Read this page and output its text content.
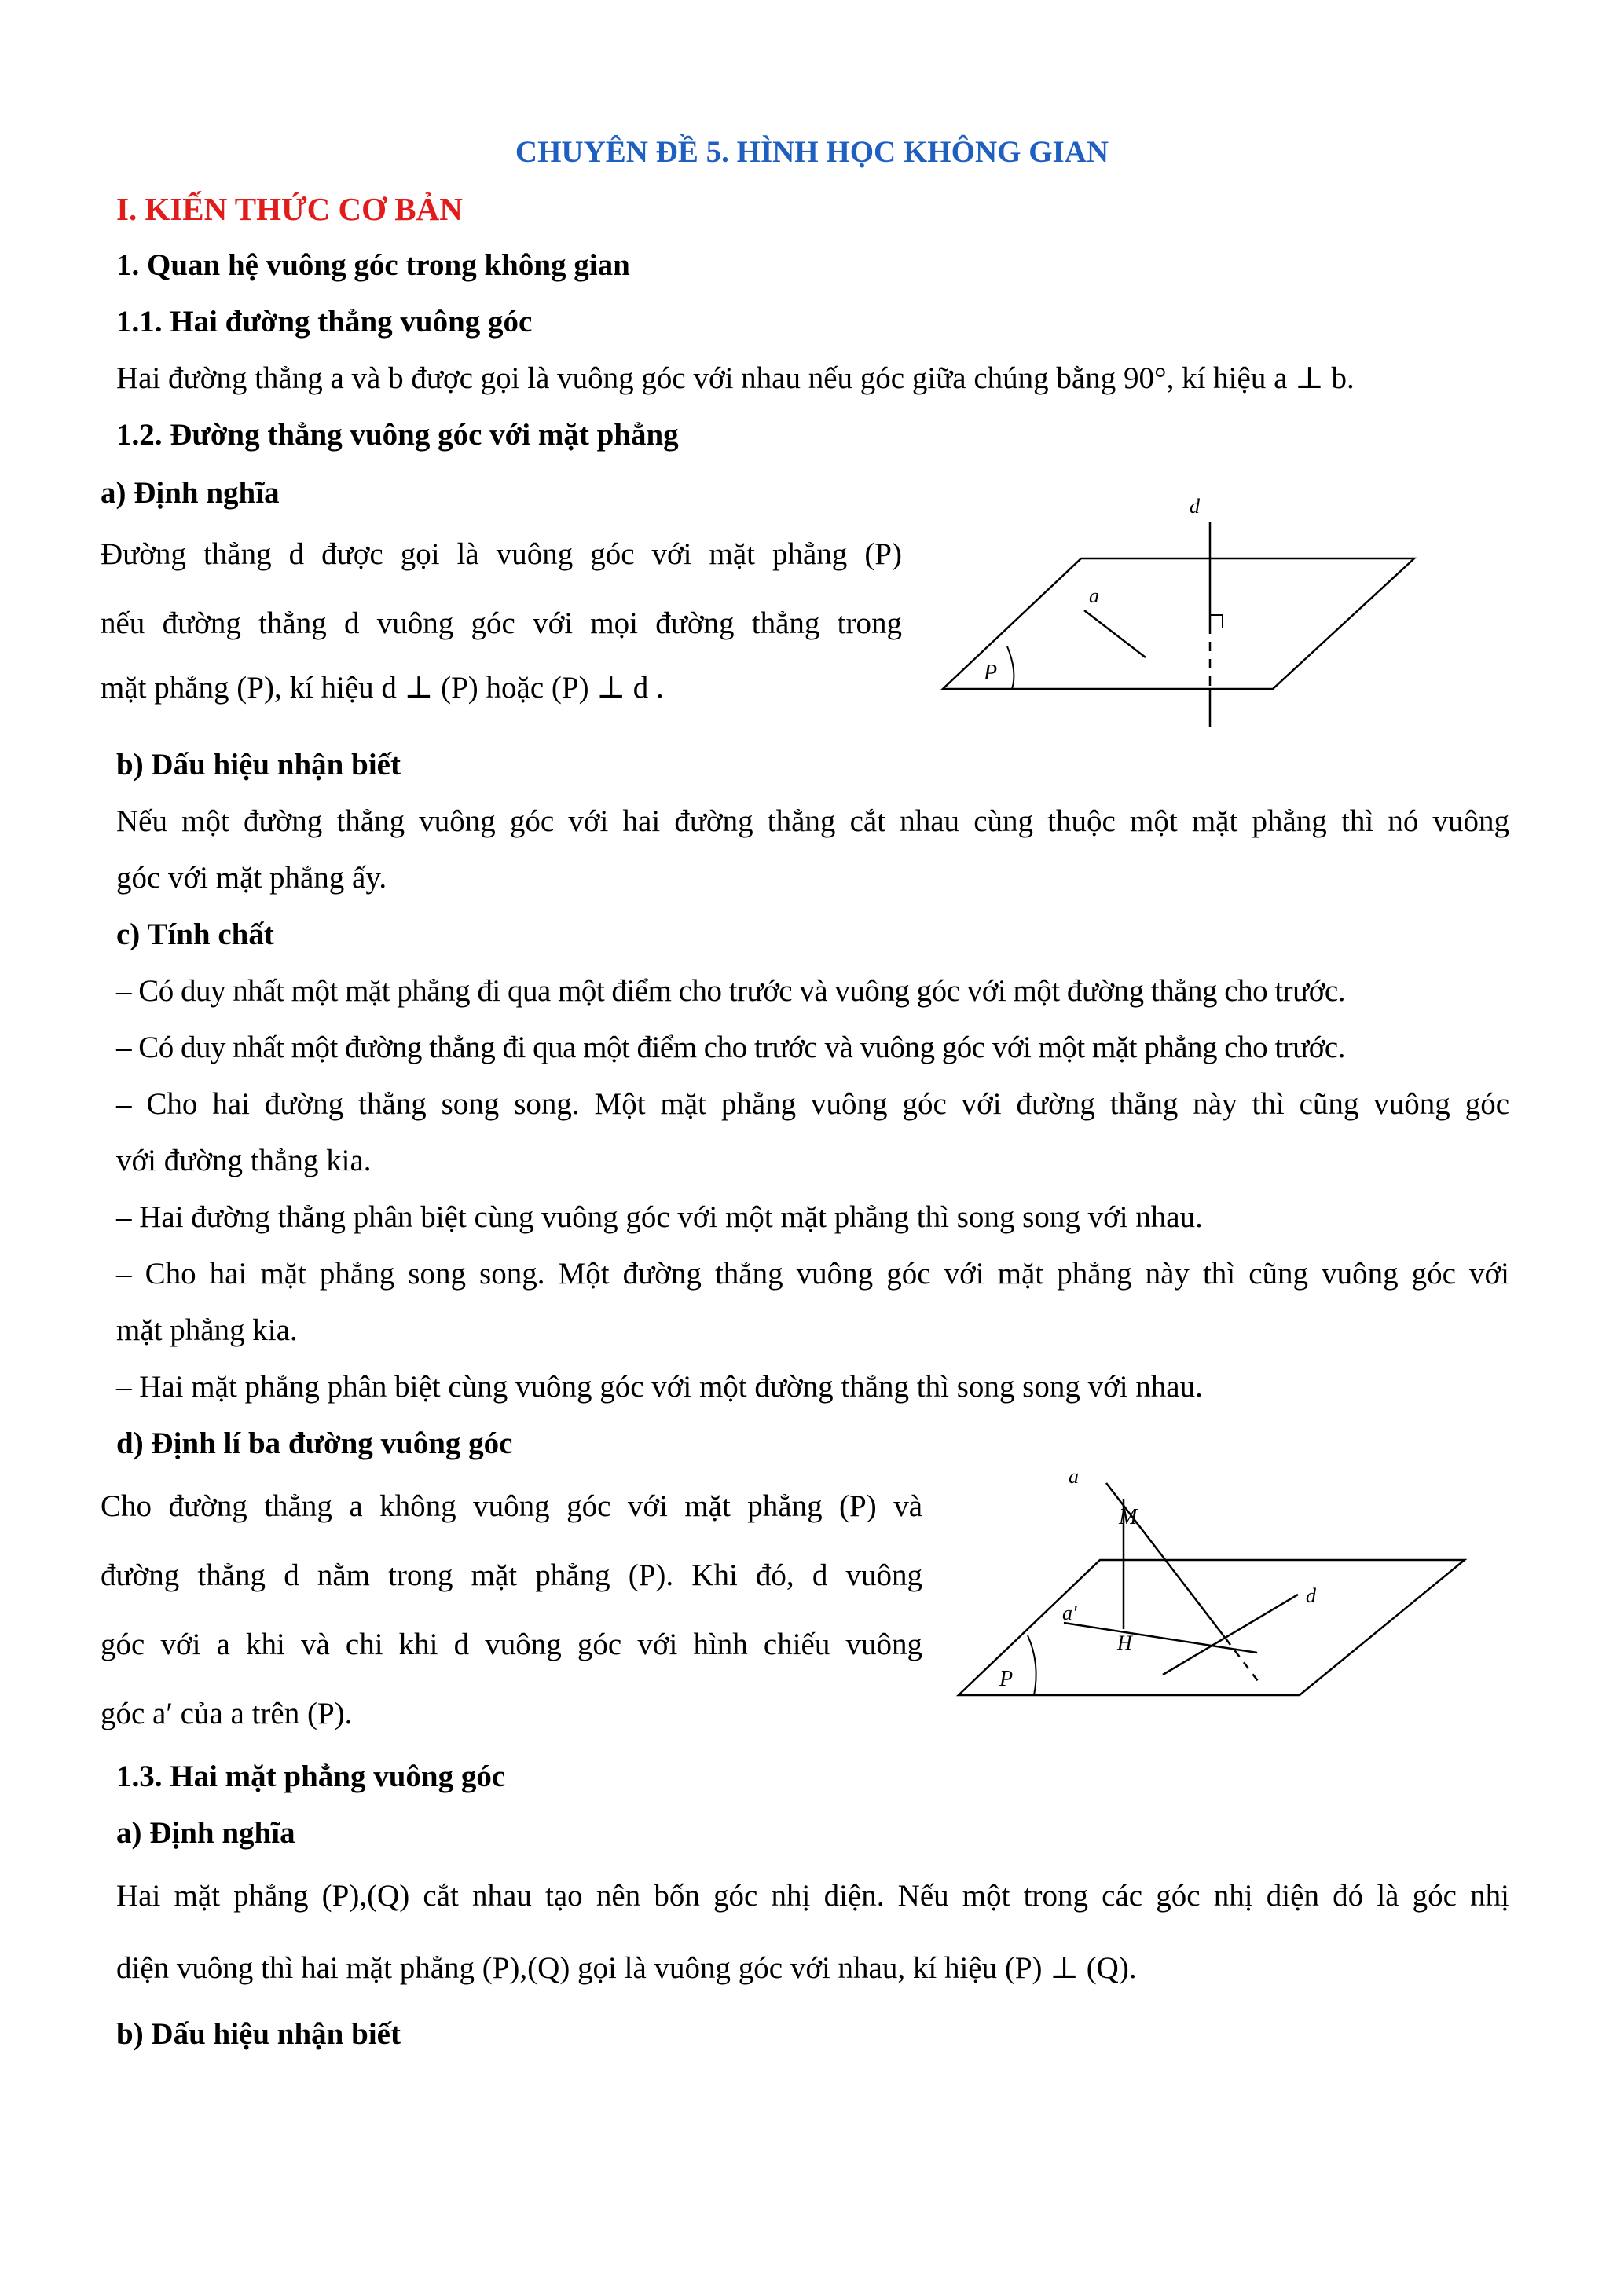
CHUYÊN ĐỀ 5. HÌNH HỌC KHÔNG GIAN
I. KIẾN THỨC CƠ BẢN
1. Quan hệ vuông góc trong không gian
1.1. Hai đường thẳng vuông góc
Hai đường thẳng a và b được gọi là vuông góc với nhau nếu góc giữa chúng bằng 90°, kí hiệu a ⊥ b.
1.2. Đường thẳng vuông góc với mặt phẳng
a) Định nghĩa
Đường thẳng d được gọi là vuông góc với mặt phẳng (P)
nếu đường thẳng d vuông góc với mọi đường thẳng trong
mặt phẳng (P), kí hiệu d ⊥ (P) hoặc (P) ⊥ d .
d
a
P
b) Dấu hiệu nhận biết
Nếu một đường thẳng vuông góc với hai đường thẳng cắt nhau cùng thuộc một mặt phẳng thì nó vuông
góc với mặt phẳng ấy.
c) Tính chất
– Có duy nhất một mặt phẳng đi qua một điểm cho trước và vuông góc với một đường thẳng cho trước.
– Có duy nhất một đường thẳng đi qua một điểm cho trước và vuông góc với một mặt phẳng cho trước.
– Cho hai đường thẳng song song. Một mặt phẳng vuông góc với đường thẳng này thì cũng vuông góc
với đường thẳng kia.
– Hai đường thẳng phân biệt cùng vuông góc với một mặt phẳng thì song song với nhau.
– Cho hai mặt phẳng song song. Một đường thẳng vuông góc với mặt phẳng này thì cũng vuông góc với
mặt phẳng kia.
– Hai mặt phẳng phân biệt cùng vuông góc với một đường thẳng thì song song với nhau.
d) Định lí ba đường vuông góc
Cho đường thẳng a không vuông góc với mặt phẳng (P) và
đường thẳng d nằm trong mặt phẳng (P). Khi đó, d vuông
góc với a khi và chi khi d vuông góc với hình chiếu vuông
góc a′ của a trên (P).
a
M
a′
H
d
P
1.3. Hai mặt phẳng vuông góc
a) Định nghĩa
Hai mặt phẳng (P),(Q) cắt nhau tạo nên bốn góc nhị diện. Nếu một trong các góc nhị diện đó là góc nhị
diện vuông thì hai mặt phẳng (P),(Q) gọi là vuông góc với nhau, kí hiệu (P) ⊥ (Q).
b) Dấu hiệu nhận biết
